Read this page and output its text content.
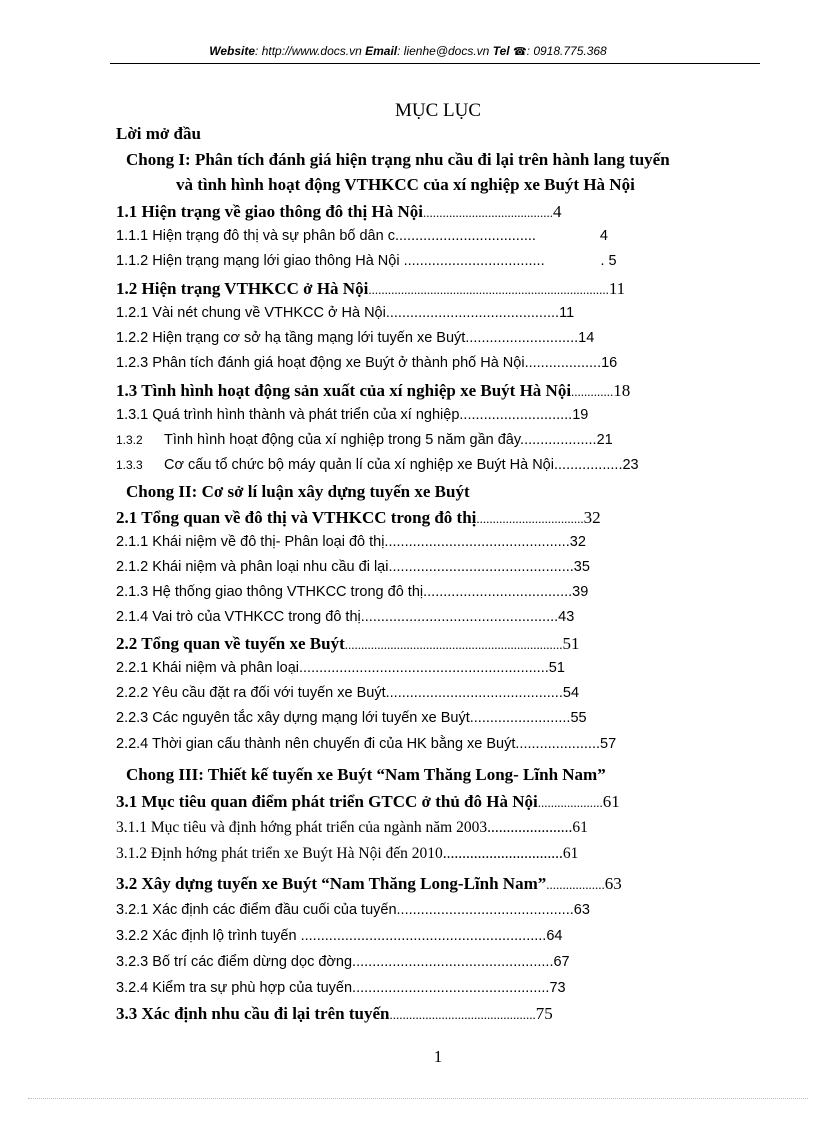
Website: http://www.docs.vn Email: lienhe@docs.vn Tel ☎: 0918.775.368
MỤC LỤC
Lời mở đầu
Chong I: Phân tích đánh giá hiện trạng nhu cầu đi lại trên hành lang tuyến
và tình hình hoạt động VTHKCC của xí nghiệp xe Buýt Hà Nội
1.1 Hiện trạng về giao thông đô thị Hà Nội........................................4
1.1.1 Hiện trạng đô thị và sự phân bố dân c...................................	4
1.1.2 Hiện trạng mạng lới giao thông Hà Nội ...................................	. 5
1.2 Hiện trạng VTHKCC ở Hà Nội..........................................................................11
1.2.1 Vài nét chung về VTHKCC ở Hà Nội...........................................11
1.2.2 Hiện trạng cơ sở hạ tầng mạng lới tuyến xe Buýt............................14
1.2.3 Phân tích đánh giá hoạt động xe Buýt ở thành phố Hà Nội...................16
1.3 Tình hình hoạt động sản xuất của xí nghiệp xe Buýt Hà Nội.............18
1.3.1 Quá trình hình thành và phát triển của xí nghiệp............................19
1.3.2 Tình hình hoạt động của xí nghiệp trong 5 năm gần đây...................21
1.3.3 Cơ cấu tổ chức bộ máy quản lí của xí nghiệp xe Buýt Hà Nội.................23
Chong II: Cơ sở lí luận xây dựng tuyến xe Buýt
2.1 Tổng quan về đô thị và VTHKCC trong đô thị.................................32
2.1.1 Khái niệm về đô thị- Phân loại đô thị..............................................32
2.1.2 Khái niệm và phân loại nhu cầu đi lại..............................................35
2.1.3 Hệ thống giao thông VTHKCC trong đô thị.....................................39
2.1.4 Vai trò của VTHKCC trong đô thị.................................................43
2.2 Tổng quan về tuyến xe Buýt...................................................................51
2.2.1 Khái niệm và phân loại..............................................................51
2.2.2 Yêu cầu đặt ra đối với tuyến xe Buýt............................................54
2.2.3 Các nguyên tắc xây dựng mạng lới tuyến xe Buýt.........................55
2.2.4 Thời gian cấu thành nên chuyến đi của HK bằng xe Buýt.....................57
Chong III: Thiết kế tuyến xe Buýt “Nam Thăng Long- Lĩnh Nam”
3.1 Mục tiêu quan điểm phát triển GTCC ở thủ đô Hà Nội....................61
3.1.1 Mục tiêu và định hớng phát triển của ngành năm 2003......................61
3.1.2 Định hớng phát triển xe Buýt Hà Nội đến 2010...............................61
3.2 Xây dựng tuyến xe Buýt “Nam Thăng Long-Lĩnh Nam”..................63
3.2.1 Xác định các điểm đầu cuối của tuyến............................................63
3.2.2 Xác định lộ trình tuyến .............................................................64
3.2.3 Bố trí các điểm dừng dọc đờng..................................................67
3.2.4 Kiểm tra sự phù hợp của tuyến.................................................73
3.3 Xác định nhu cầu đi lại trên tuyến.............................................75
1
